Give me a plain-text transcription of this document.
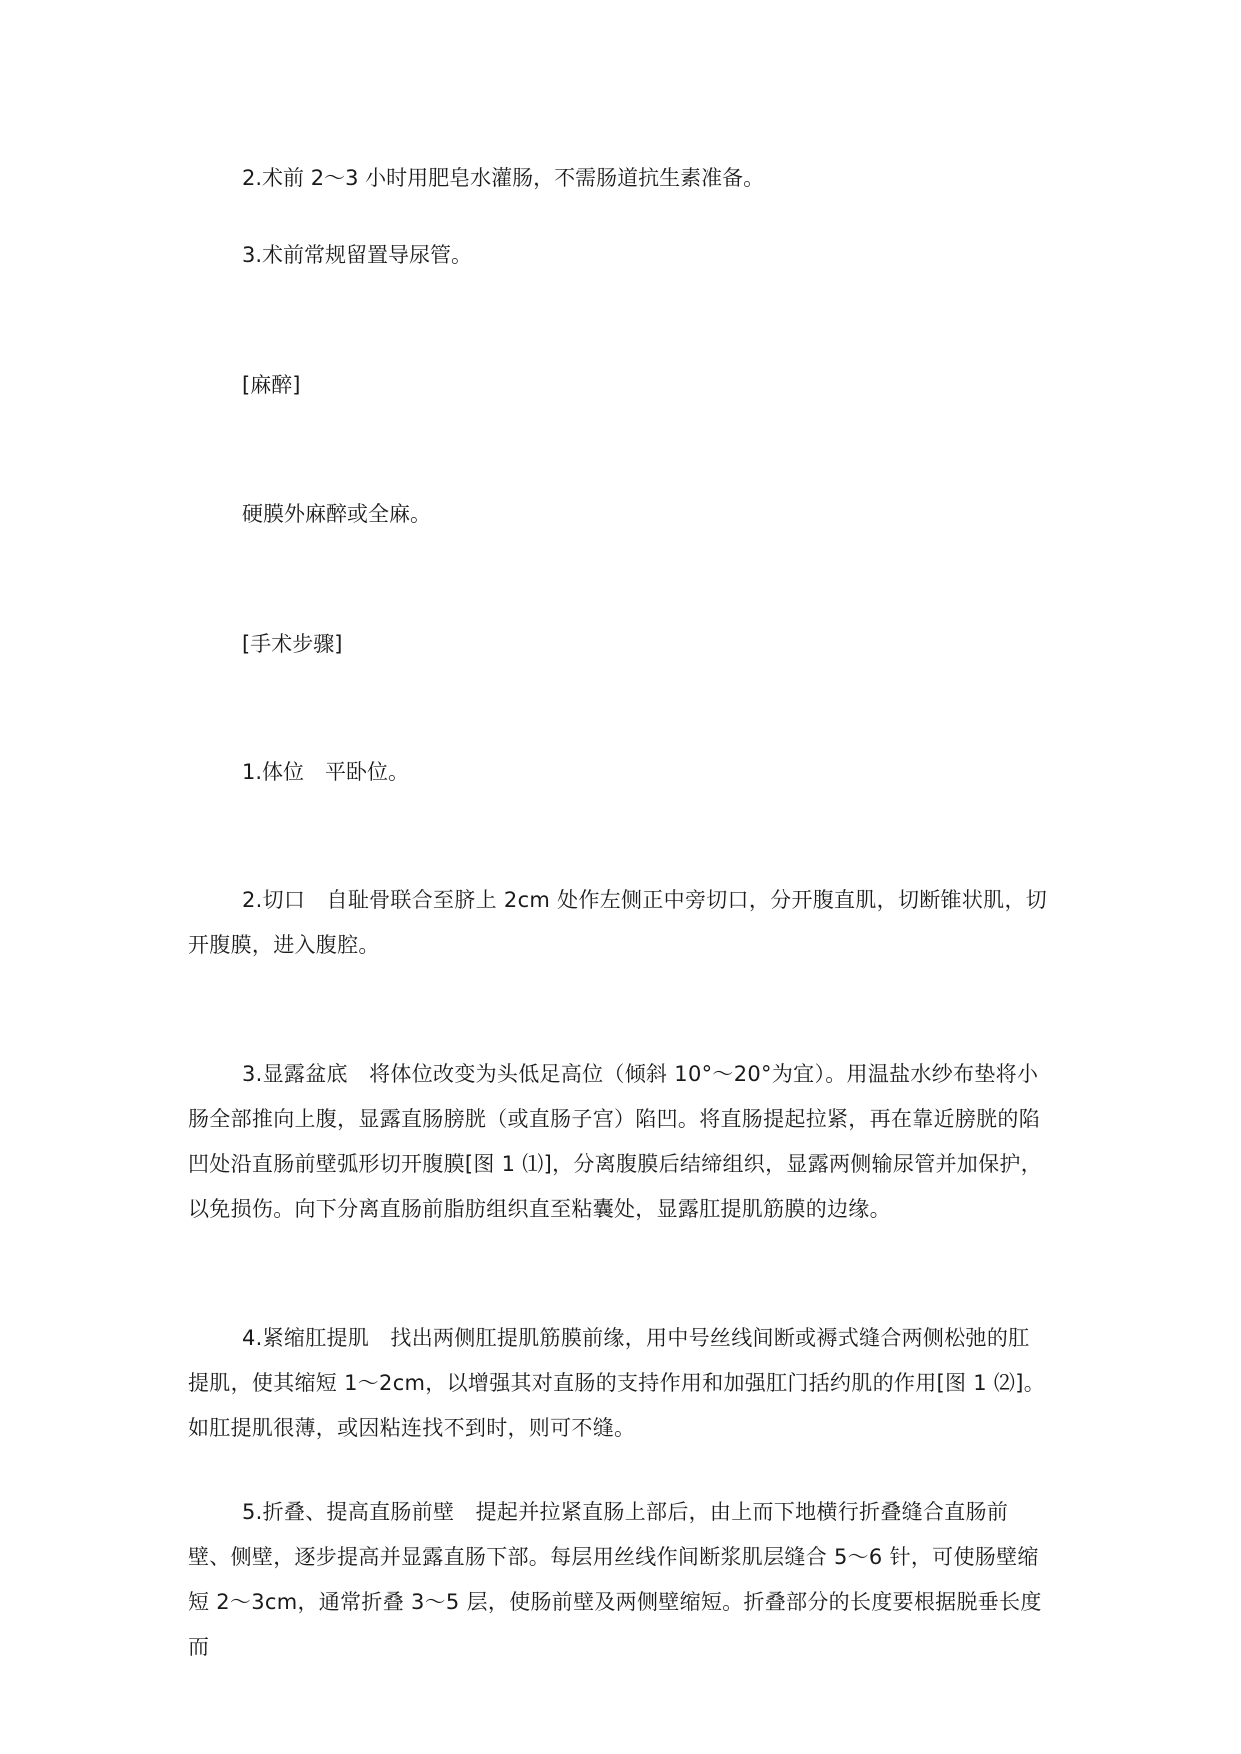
2.术前 2～3 小时用肥皂水灌肠，不需肠道抗生素准备。

3.术前常规留置导尿管。

[麻醉]

硬膜外麻醉或全麻。

[手术步骤]

1.体位　平卧位。

2.切口　自耻骨联合至脐上 2cm 处作左侧正中旁切口，分开腹直肌，切断锥状肌，切开腹膜，进入腹腔。

3.显露盆底　将体位改变为头低足高位（倾斜 10°～20°为宜）。用温盐水纱布垫将小肠全部推向上腹，显露直肠膀胱（或直肠子宫）陷凹。将直肠提起拉紧，再在靠近膀胱的陷凹处沿直肠前壁弧形切开腹膜[图 1 ⑴]，分离腹膜后结缔组织，显露两侧输尿管并加保护，以免损伤。向下分离直肠前脂肪组织直至粘囊处，显露肛提肌筋膜的边缘。

4.紧缩肛提肌　找出两侧肛提肌筋膜前缘，用中号丝线间断或褥式缝合两侧松弛的肛提肌，使其缩短 1～2cm，以增强其对直肠的支持作用和加强肛门括约肌的作用[图 1 ⑵]。如肛提肌很薄，或因粘连找不到时，则可不缝。

5.折叠、提高直肠前壁　提起并拉紧直肠上部后，由上而下地横行折叠缝合直肠前壁、侧壁，逐步提高并显露直肠下部。每层用丝线作间断浆肌层缝合 5～6 针，可使肠壁缩短 2～3cm，通常折叠 3～5 层，使肠前壁及两侧壁缩短。折叠部分的长度要根据脱垂长度而
